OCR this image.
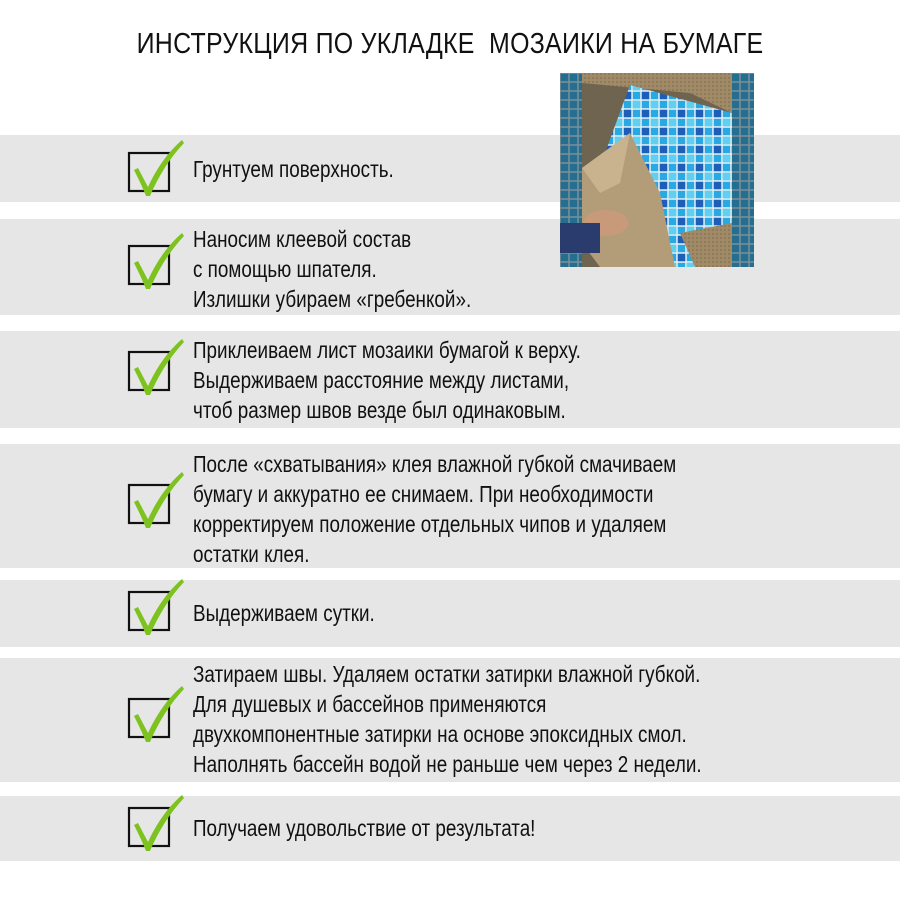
ИНСТРУКЦИЯ ПО УКЛАДКЕ  МОЗАИКИ НА БУМАГЕ
Грунтуем поверхность.
Наносим клеевой состав
с помощью шпателя.
Излишки убираем «гребенкой».
Приклеиваем лист мозаики бумагой к верху.
Выдерживаем расстояние между листами,
чтоб размер швов везде был одинаковым.
После «схватывания» клея влажной губкой смачиваем
бумагу и аккуратно ее снимаем. При необходимости
корректируем положение отдельных чипов и удаляем
остатки клея.
Выдерживаем сутки.
Затираем швы. Удаляем остатки затирки влажной губкой.
Для душевых и бассейнов применяются
двухкомпонентные затирки на основе эпоксидных смол.
Наполнять бассейн водой не раньше чем через 2 недели.
Получаем удовольствие от результата!
